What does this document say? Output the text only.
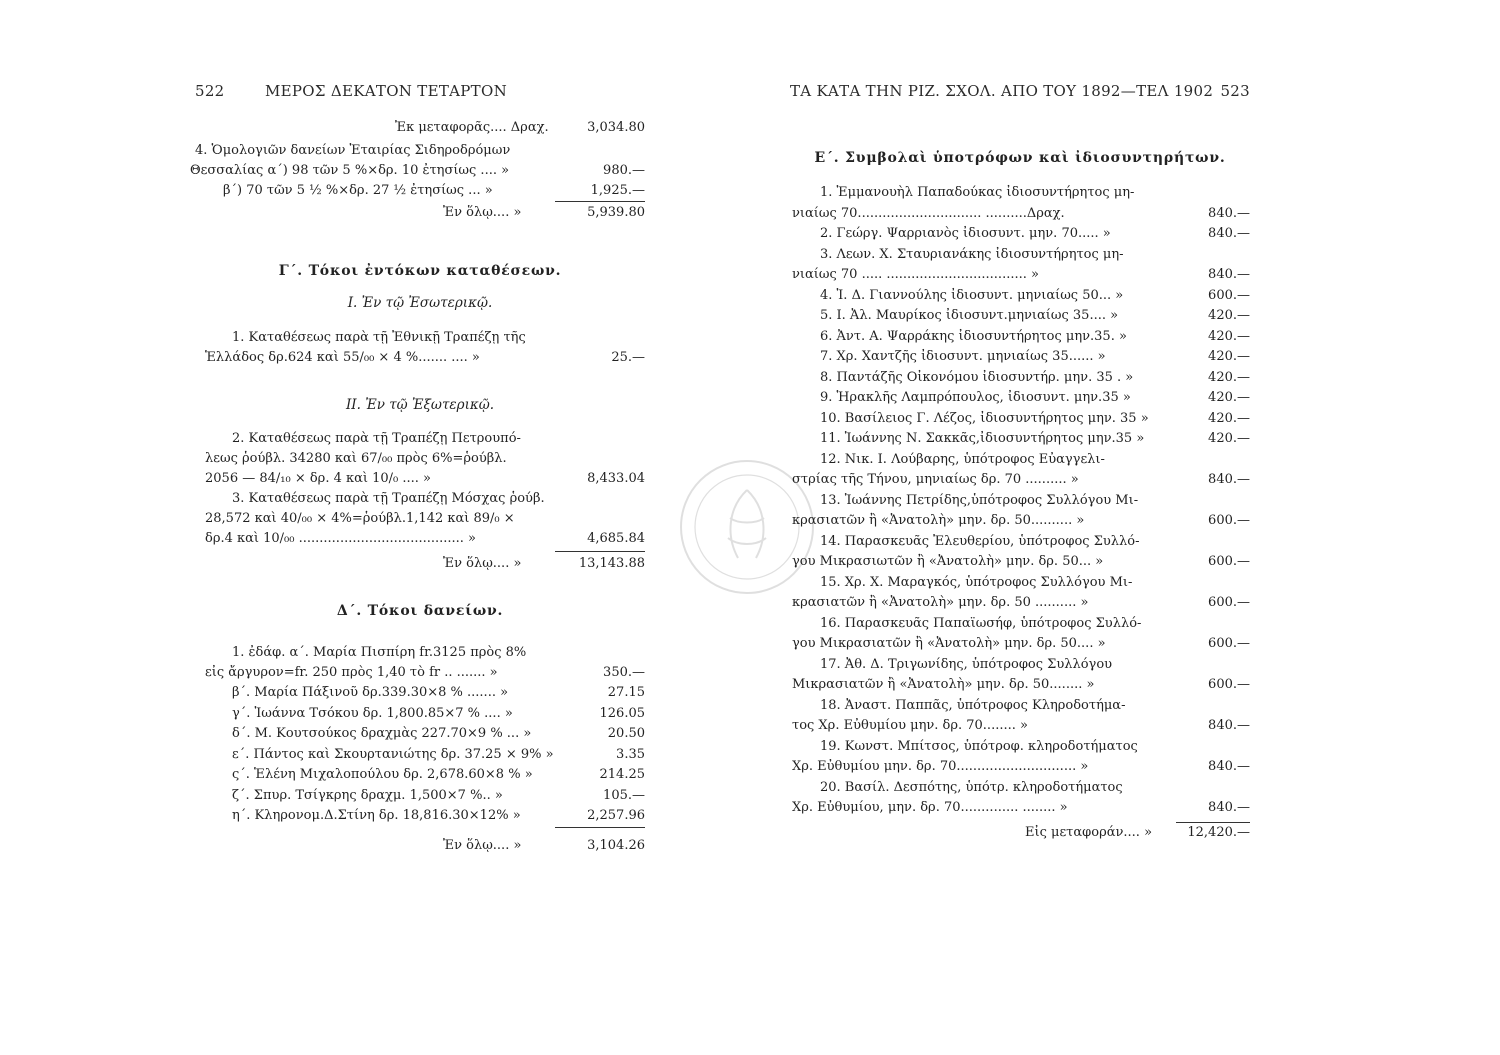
522	ΜΕΡΟΣ ΔΕΚΑΤΟΝ ΤΕΤΑΡΤΟΝ
Ἐκ μεταφορᾶς.... Δραχ.	3,034.80
4. Ὁμολογιῶν δανείων Ἐταιρίας Σιδηροδρόμων
Θεσσαλίας α΄) 98 τῶν 5 %×δρ. 10 ἐτησίως .... »	980.—
β΄) 70 τῶν 5 ½ %×δρ. 27 ½ ἐτησίως ... »	1,925.—
Ἐν ὅλῳ.... »	5,939.80
Γ΄. Τόκοι ἐντόκων καταθέσεων.
Ι. Ἐν τῷ Ἐσωτερικῷ.
1. Καταθέσεως παρὰ τῇ Ἐθνικῇ Τραπέζῃ τῆς
Ἑλλάδος δρ.624 καὶ 55/₀₀ × 4 %....... .... »	25.—
ΙΙ. Ἐν τῷ Ἐξωτερικῷ.
2. Καταθέσεως παρὰ τῇ Τραπέζῃ Πετρουπό-
λεως ῥούβλ. 34280 καὶ 67/₀₀ πρὸς 6%=ῥούβλ.
2056 — 84/₁₀ × δρ. 4 καὶ 10/₀ .... »	8,433.04
3. Καταθέσεως παρὰ τῇ Τραπέζῃ Μόσχας ῥούβ.
28,572 καὶ 40/₀₀ × 4%=ῥούβλ.1,142 καὶ 89/₀ ×
δρ.4 καὶ 10/₀₀ ........................................ »	4,685.84
Ἐν ὅλῳ.... »	13,143.88
Δ΄. Τόκοι δανείων.
1. ἐδάφ. α΄. Μαρία Πισπίρη fr.3125 πρὸς 8%
εἰς ἄργυρον=fr. 250 πρὸς 1,40 τὸ fr .. ....... »	350.—
β΄. Μαρία Πάξινοῦ δρ.339.30×8 % ....... »	27.15
γ΄. Ἰωάννα Τσόκου δρ. 1,800.85×7 % .... »	126.05
δ΄. Μ. Κουτσούκος δραχμὰς 227.70×9 % ... »	20.50
ε΄. Πάντος καὶ Σκουρτανιώτης δρ. 37.25 × 9% »	3.35
ς΄. Ἑλένη Μιχαλοπούλου δρ. 2,678.60×8 % »	214.25
ζ΄. Σπυρ. Τσίγκρης δραχμ. 1,500×7 %.. »	105.—
η΄. Κληρονομ.Δ.Στίνη δρ. 18,816.30×12% »	2,257.96
Ἐν ὅλῳ.... »	3,104.26
ΤΑ ΚΑΤΑ ΤΗΝ ΡΙΖ. ΣΧΟΛ. ΑΠΟ ΤΟΥ 1892—ΤΕΛ 1902 523
Ε΄. Συμβολαὶ ὑποτρόφων καὶ ἰδιοσυντηρήτων.
1. Ἐμμανουὴλ Παπαδούκας ἰδιοσυντήρητος μη-
νιαίως 70.............................. ..........Δραχ.	840.—
2. Γεώργ. Ψαρριανὸς ἰδιοσυντ. μην. 70..... »	840.—
3. Λεων. Χ. Σταυριανάκης ἰδιοσυντήρητος μη-
νιαίως 70 ..... .................................. »	840.—
4. Ἰ. Δ. Γιαννούλης ἰδιοσυντ. μηνιαίως 50... »	600.—
5. Ι. Ἀλ. Μαυρίκος ἰδιοσυντ.μηνιαίως 35.... »	420.—
6. Ἀντ. Α. Ψαρράκης ἰδιοσυντήρητος μην.35. »	420.—
7. Χρ. Χαντζῆς ἰδιοσυντ. μηνιαίως 35...... »	420.—
8. Παντάζῆς Οἰκονόμου ἰδιοσυντήρ. μην. 35 . »	420.—
9. Ἡρακλῆς Λαμπρόπουλος, ἰδιοσυντ. μην.35 »	420.—
10. Βασίλειος Γ. Λέζος, ἰδιοσυντήρητος μην. 35 »	420.—
11. Ἰωάννης Ν. Σακκᾶς,ἰδιοσυντήρητος μην.35 »	420.—
12. Νικ. Ι. Λούβαρης, ὑπότροφος Εὐαγγελι-
στρίας τῆς Τήνου, μηνιαίως δρ. 70 .......... »	840.—
13. Ἰωάννης Πετρίδης,ὑπότροφος Συλλόγου Μι-
κρασιατῶν ἢ «Ἀνατολὴ» μην. δρ. 50.......... »	600.—
14. Παρασκευᾶς Ἐλευθερίου, ὑπότροφος Συλλό-
γου Μικρασιωτῶν ἢ «Ἀνατολὴ» μην. δρ. 50... »	600.—
15. Χρ. Χ. Μαραγκός, ὑπότροφος Συλλόγου Μι-
κρασιατῶν ἢ «Ἀνατολὴ» μην. δρ. 50 .......... »	600.—
16. Παρασκευᾶς Παπαϊωσήφ, ὑπότροφος Συλλό-
γου Μικρασιατῶν ἢ «Ἀνατολὴ» μην. δρ. 50.... »	600.—
17. Ἀθ. Δ. Τριγωνίδης, ὑπότροφος Συλλόγου
Μικρασιατῶν ἢ «Ἀνατολὴ» μην. δρ. 50........ »	600.—
18. Ἀναστ. Παππᾶς, ὑπότροφος Κληροδοτήμα-
τος Χρ. Εὐθυμίου μην. δρ. 70........ »	840.—
19. Κωνστ. Μπίτσος, ὑπότροφ. κληροδοτήματος
Χρ. Εὐθυμίου μην. δρ. 70............................. »	840.—
20. Βασίλ. Δεσπότης, ὑπότρ. κληροδοτήματος
Χρ. Εὐθυμίου, μην. δρ. 70.............. ........ »	840.—
Εἰς μεταφοράν.... »	12,420.—
